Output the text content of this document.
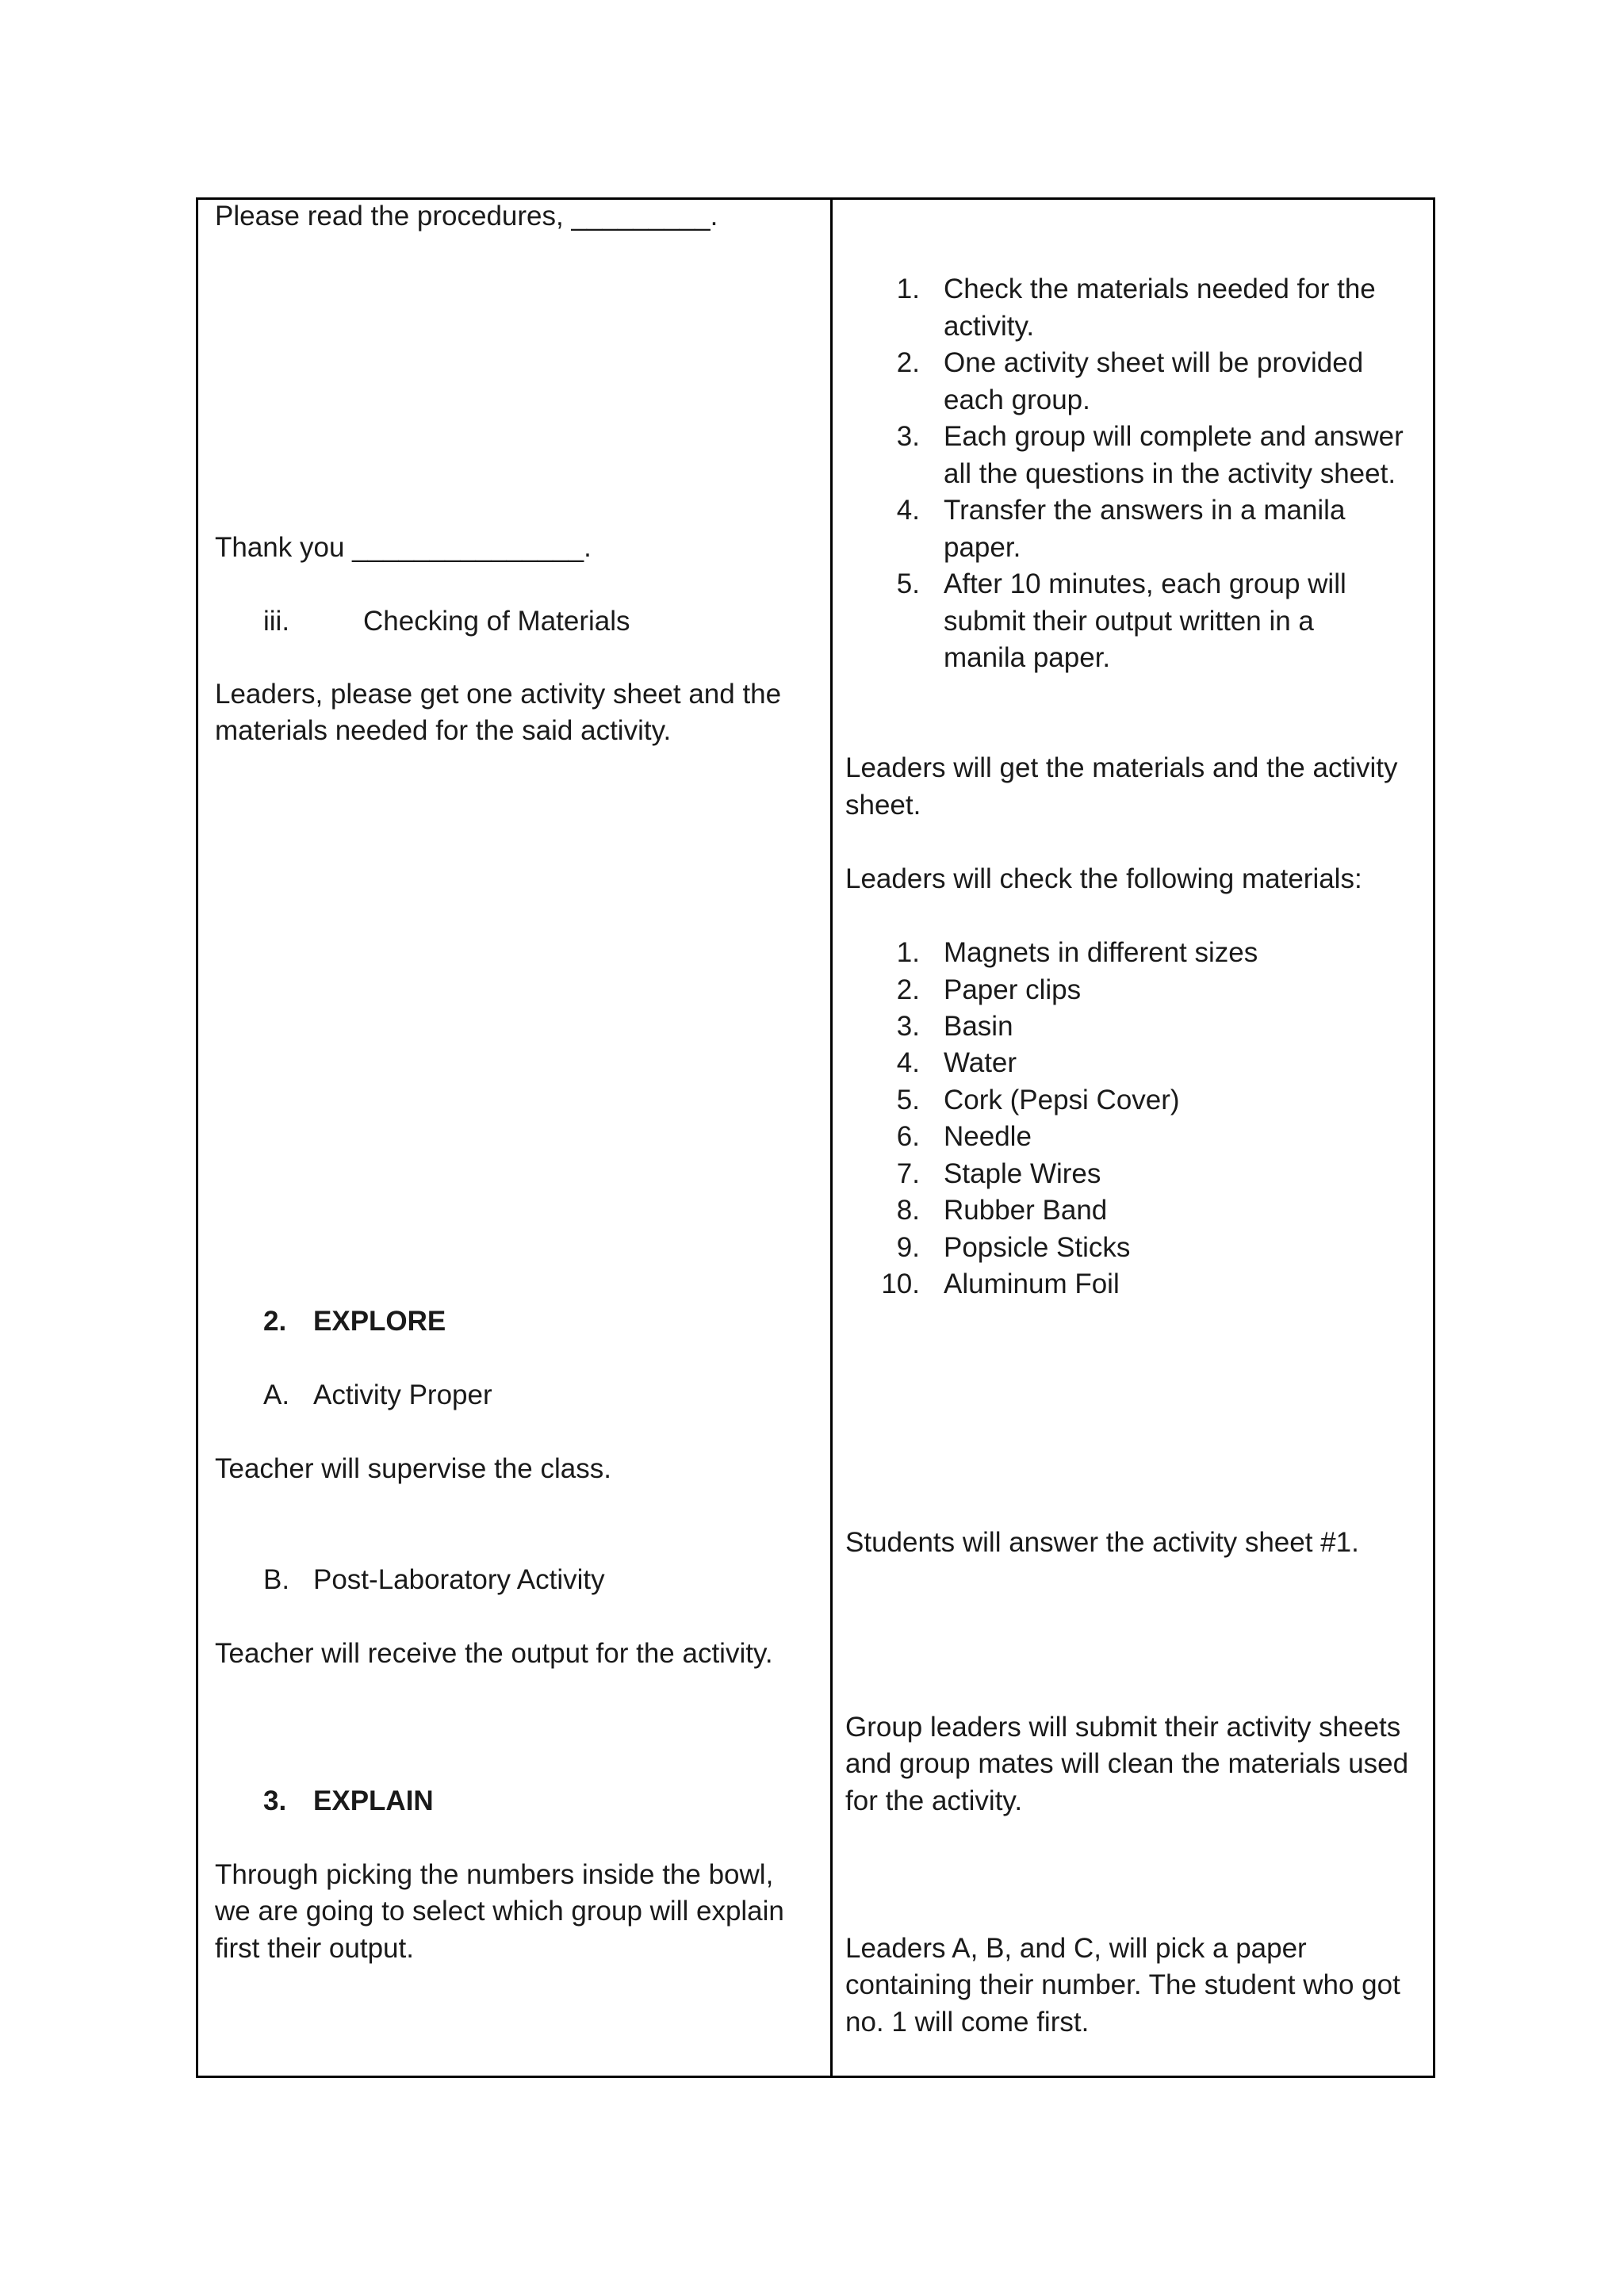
Please read the procedures, _________.
Thank you _______________.
iii.	Checking of Materials
Leaders, please get one activity sheet and the
materials needed for the said activity.
2. EXPLORE
A. Activity Proper
Teacher will supervise the class.
B. Post-Laboratory Activity
Teacher will receive the output for the activity.
3. EXPLAIN
Through picking the numbers inside the bowl,
we are going to select which group will explain
first their output.
1. Check the materials needed for the
activity.
2. One activity sheet will be provided
each group.
3. Each group will complete and answer
all the questions in the activity sheet.
4. Transfer the answers in a manila
paper.
5. After 10 minutes, each group will
submit their output written in a
manila paper.
Leaders will get the materials and the activity
sheet.
Leaders will check the following materials:
1. Magnets in different sizes
2. Paper clips
3. Basin
4. Water
5. Cork (Pepsi Cover)
6. Needle
7. Staple Wires
8. Rubber Band
9. Popsicle Sticks
10. Aluminum Foil
Students will answer the activity sheet #1.
Group leaders will submit their activity sheets
and group mates will clean the materials used
for the activity.
Leaders A, B, and C, will pick a paper
containing their number. The student who got
no. 1 will come first.
